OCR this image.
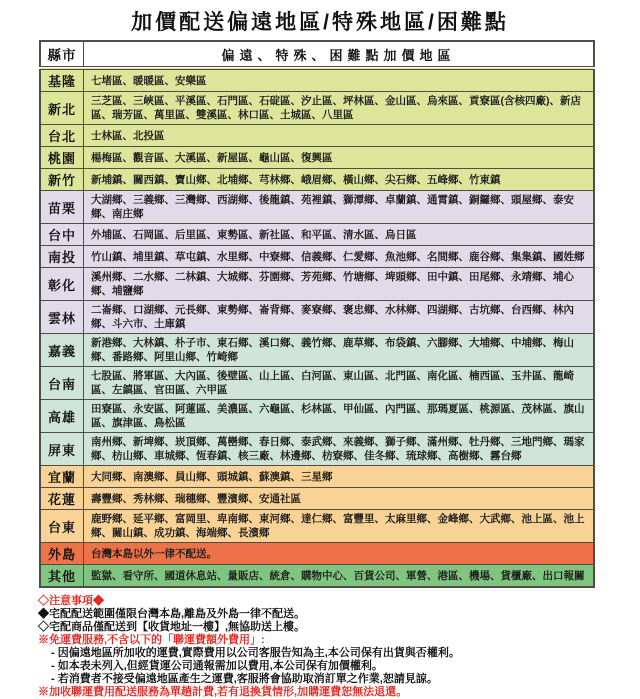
加價配送偏遠地區/特殊地區/困難點
縣市	偏遠、特殊、困難點加價地區
基隆	七堵區、暖暖區、安樂區
新北	三芝區、三峽區、平溪區、石門區、石碇區、汐止區、坪林區、金山區、烏來區、貢寮區(含核四廠)、新店區、瑞芳區、萬里區、雙溪區、林口區、土城區、八里區
台北	士林區、北投區
桃園	楊梅區、觀音區、大溪區、新屋區、龜山區、復興區
新竹	新埔鎮、關西鎮、寶山鄉、北埔鄉、芎林鄉、峨眉鄉、橫山鄉、尖石鄉、五峰鄉、竹東鎮
苗栗	大湖鄉、三義鄉、三灣鄉、西湖鄉、後龍鎮、苑裡鎮、獅潭鄉、卓蘭鎮、通霄鎮、銅鑼鄉、頭屋鄉、泰安鄉、南庄鄉
台中	外埔區、石岡區、后里區、東勢區、新社區、和平區、清水區、烏日區
南投	竹山鎮、埔里鎮、草屯鎮、水里鄉、中寮鄉、信義鄉、仁愛鄉、魚池鄉、名間鄉、鹿谷鄉、集集鎮、國姓鄉
彰化	溪州鄉、二水鄉、二林鎮、大城鄉、芬園鄉、芳苑鄉、竹塘鄉、埤頭鄉、田中鎮、田尾鄉、永靖鄉、埔心鄉、埔鹽鄉
雲林	二崙鄉、口湖鄉、元長鄉、東勢鄉、崙背鄉、麥寮鄉、褒忠鄉、水林鄉、四湖鄉、古坑鄉、台西鄉、林內鄉、斗六市、土庫鎮
嘉義	新港鄉、大林鎮、朴子市、東石鄉、溪口鄉、義竹鄉、鹿草鄉、布袋鎮、六腳鄉、大埔鄉、中埔鄉、梅山鄉、番路鄉、阿里山鄉、竹崎鄉
台南	七股區、將軍區、大內區、後壁區、山上區、白河區、東山區、北門區、南化區、楠西區、玉井區、龍崎區、左鎮區、官田區、六甲區
高雄	田寮區、永安區、阿蓮區、美濃區、六龜區、杉林區、甲仙區、內門區、那瑪夏區、桃源區、茂林區、旗山區、旗津區、鳥松區
屏東	南州鄉、新埤鄉、崁頂鄉、萬巒鄉、春日鄉、泰武鄉、來義鄉、獅子鄉、滿州鄉、牡丹鄉、三地門鄉、瑪家鄉、枋山鄉、車城鄉、恆春鎮、核三廠、林邊鄉、枋寮鄉、佳冬鄉、琉球鄉、高樹鄉、霧台鄉
宜蘭	大同鄉、南澳鄉、員山鄉、頭城鎮、蘇澳鎮、三星鄉
花蓮	壽豐鄉、秀林鄉、瑞穗鄉、豐濱鄉、安通社區
台東	鹿野鄉、延平鄉、富岡里、卑南鄉、東河鄉、達仁鄉、富豐里、太麻里鄉、金峰鄉、大武鄉、池上區、池上鄉、關山鎮、成功鎮、海端鄉、長濱鄉
外島	台灣本島以外一律不配送。
其他	監獄、看守所、國道休息站、量販店、統倉、購物中心、百貨公司、軍營、港區、機場、貨櫃廠、出口報關
◇注意事項◆
◆宅配配送範圍僅限台灣本島,離島及外島一律不配送。
◇宅配商品僅配送到【收貨地址一樓】,無協助送上樓。
※免運費服務,不含以下的「聯運費額外費用」:
- 因偏遠地區所加收的運費,實際費用以公司客服告知為主,本公司保有出貨與否權利。
- 如本表未列入,但經貨運公司通報需加以費用,本公司保有加價權利。
- 若消費者不接受偏遠地區產生之運費,客服將會協助取消訂單之作業,恕請見諒。
※加收聯運費用配送服務為單趟計費,若有退換貨情形,加購運費恕無法退還。
